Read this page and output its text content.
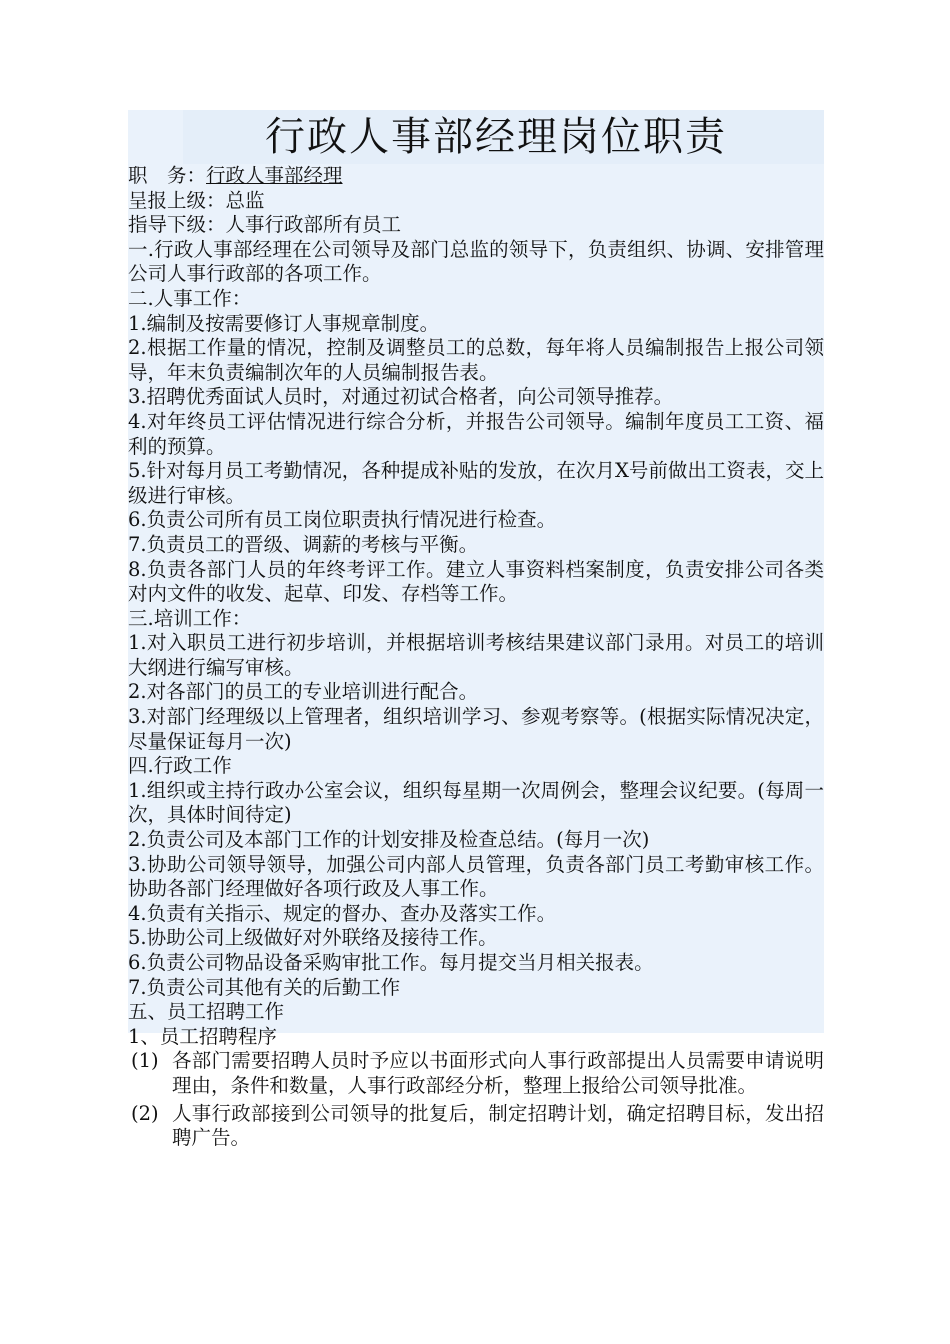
行政人事部经理岗位职责
职　务：行政人事部经理
呈报上级：总监
指导下级：人事行政部所有员工
一.行政人事部经理在公司领导及部门总监的领导下，负责组织、协调、安排管理公司人事行政部的各项工作。
二.人事工作：
1.编制及按需要修订人事规章制度。
2.根据工作量的情况，控制及调整员工的总数，每年将人员编制报告上报公司领导，年末负责编制次年的人员编制报告表。
3.招聘优秀面试人员时，对通过初试合格者，向公司领导推荐。
4.对年终员工评估情况进行综合分析，并报告公司领导。编制年度员工工资、福利的预算。
5.针对每月员工考勤情况，各种提成补贴的发放，在次月X号前做出工资表，交上级进行审核。
6.负责公司所有员工岗位职责执行情况进行检查。
7.负责员工的晋级、调薪的考核与平衡。
8.负责各部门人员的年终考评工作。建立人事资料档案制度，负责安排公司各类对内文件的收发、起草、印发、存档等工作。
三.培训工作：
1.对入职员工进行初步培训，并根据培训考核结果建议部门录用。对员工的培训大纲进行编写审核。
2.对各部门的员工的专业培训进行配合。
3.对部门经理级以上管理者，组织培训学习、参观考察等。(根据实际情况决定，尽量保证每月一次)
四.行政工作
1.组织或主持行政办公室会议，组织每星期一次周例会，整理会议纪要。(每周一次，具体时间待定)
2.负责公司及本部门工作的计划安排及检查总结。(每月一次)
3.协助公司领导领导，加强公司内部人员管理，负责各部门员工考勤审核工作。协助各部门经理做好各项行政及人事工作。
4.负责有关指示、规定的督办、查办及落实工作。
5.协助公司上级做好对外联络及接待工作。
6.负责公司物品设备采购审批工作。每月提交当月相关报表。
7.负责公司其他有关的后勤工作
五、员工招聘工作
1、员工招聘程序
(1) 各部门需要招聘人员时予应以书面形式向人事行政部提出人员需要申请说明理由，条件和数量，人事行政部经分析，整理上报给公司领导批准。
(2) 人事行政部接到公司领导的批复后，制定招聘计划，确定招聘目标，发出招聘广告。
